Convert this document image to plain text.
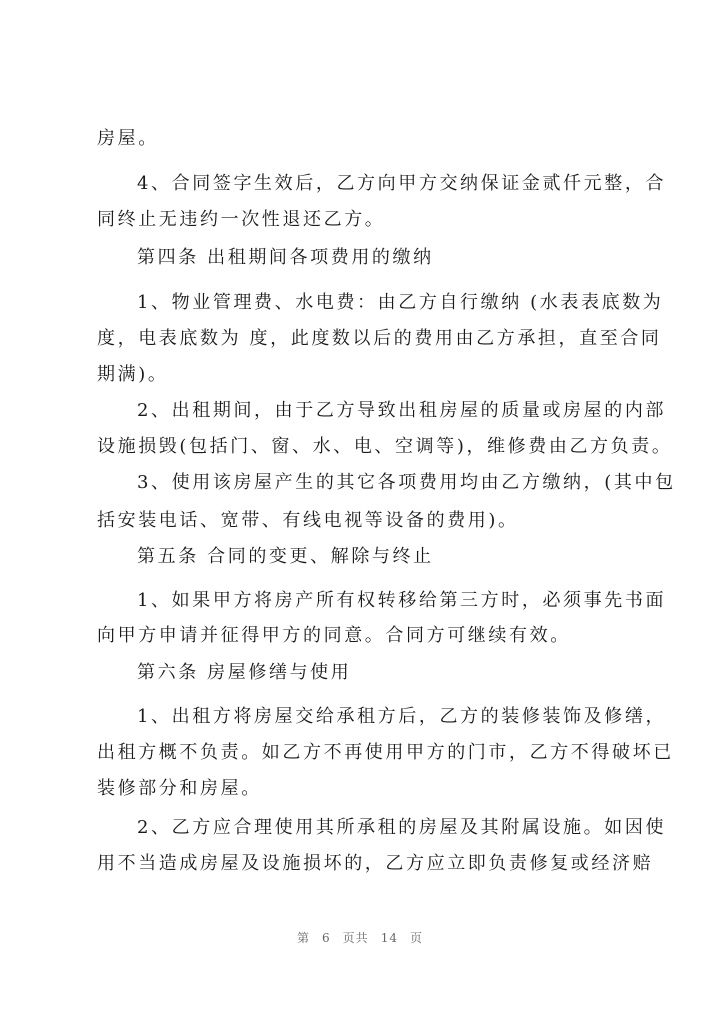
房屋。
4、合同签字生效后，乙方向甲方交纳保证金贰仟元整，合
同终止无违约一次性退还乙方。
第四条 出租期间各项费用的缴纳
1、物业管理费、水电费：由乙方自行缴纳 (水表表底数为
度，电表底数为 度，此度数以后的费用由乙方承担，直至合同
期满)。
2、出租期间，由于乙方导致出租房屋的质量或房屋的内部
设施损毁(包括门、窗、水、电、空调等)，维修费由乙方负责。
3、使用该房屋产生的其它各项费用均由乙方缴纳，(其中包
括安装电话、宽带、有线电视等设备的费用)。
第五条 合同的变更、解除与终止
1、如果甲方将房产所有权转移给第三方时，必须事先书面
向甲方申请并征得甲方的同意。合同方可继续有效。
第六条 房屋修缮与使用
1、出租方将房屋交给承租方后，乙方的装修装饰及修缮，
出租方概不负责。如乙方不再使用甲方的门市，乙方不得破坏已
装修部分和房屋。
2、乙方应合理使用其所承租的房屋及其附属设施。如因使
用不当造成房屋及设施损坏的，乙方应立即负责修复或经济赔
第 6 页共 14 页
